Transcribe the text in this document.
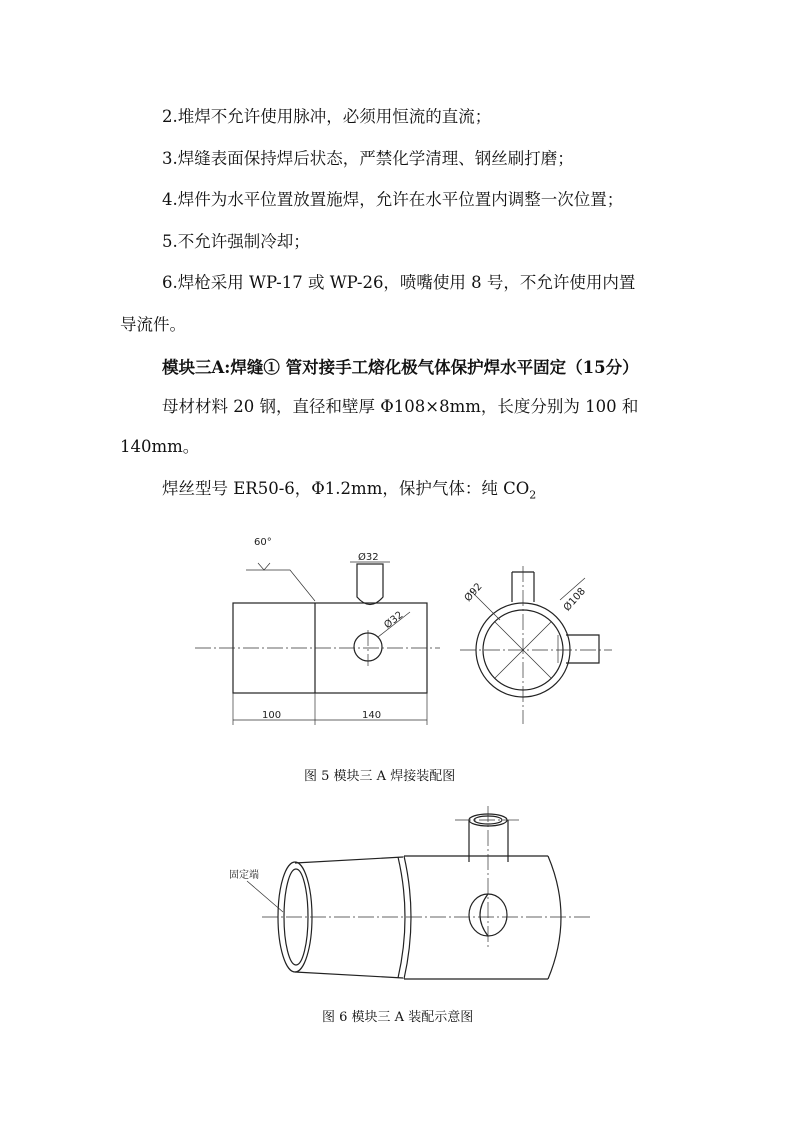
2.堆焊不允许使用脉冲，必须用恒流的直流；
3.焊缝表面保持焊后状态，严禁化学清理、钢丝刷打磨；
4.焊件为水平位置放置施焊，允许在水平位置内调整一次位置；
5.不允许强制冷却；
6.焊枪采用 WP-17 或 WP-26，喷嘴使用 8 号，不允许使用内置
导流件。
模块三A:焊缝① 管对接手工熔化极气体保护焊水平固定（15分）
母材材料 20 钢，直径和壁厚 Φ108×8mm，长度分别为 100 和
140mm。
焊丝型号 ER50-6，Φ1.2mm，保护气体：纯 $CO_2$
Ø32
Ø32
60°
100	140
Ø92	Ø108
图 5 模块三 A 焊接装配图
固定端
图 6 模块三 A 装配示意图
